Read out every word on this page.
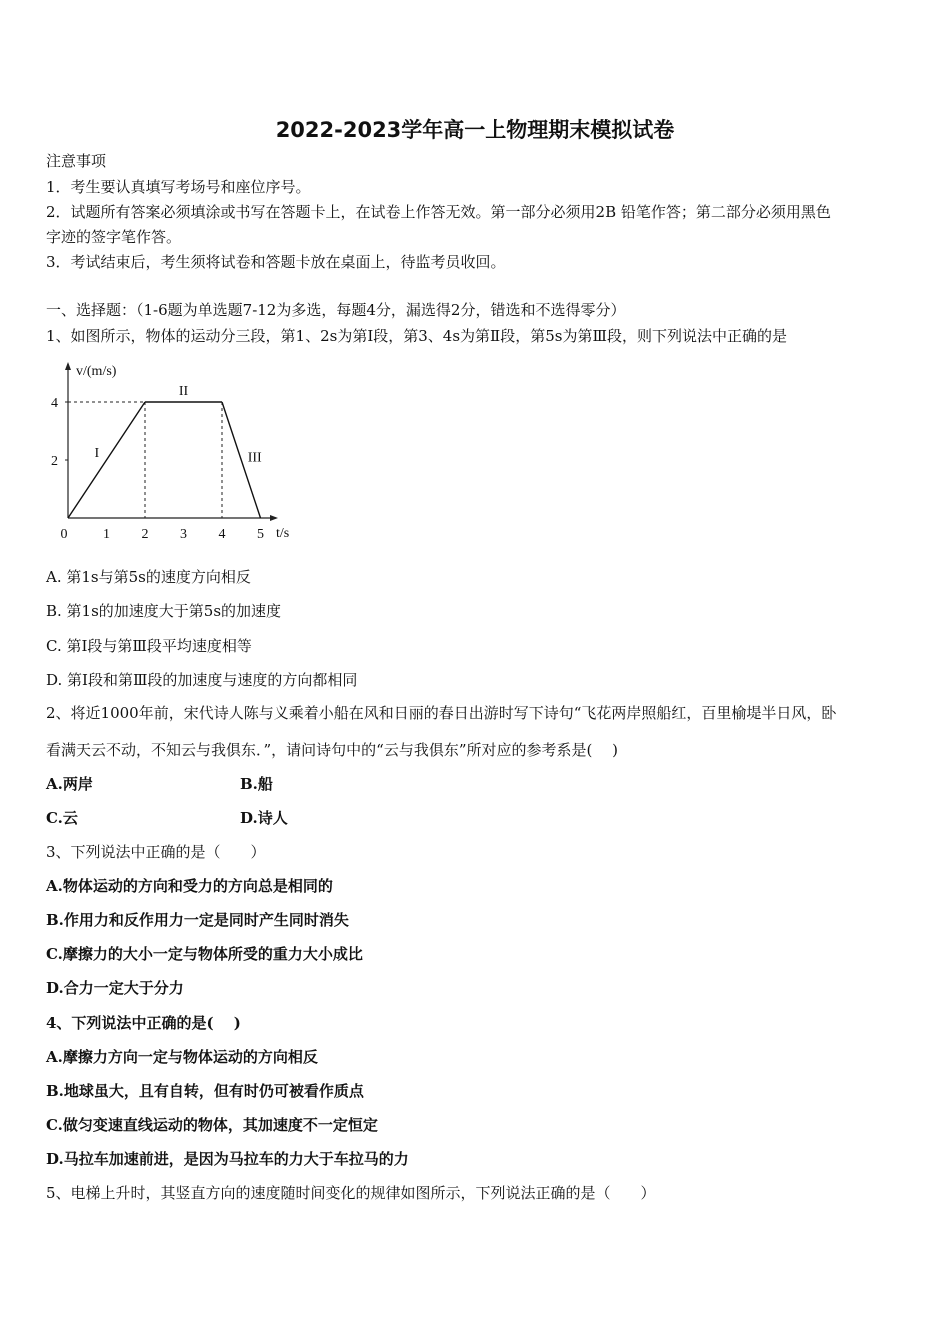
2022-2023学年高一上物理期末模拟试卷
注意事项
1．考生要认真填写考场号和座位序号。
2．试题所有答案必须填涂或书写在答题卡上，在试卷上作答无效。第一部分必须用2B 铅笔作答；第二部分必须用黑色
字迹的签字笔作答。
3．考试结束后，考生须将试卷和答题卡放在桌面上，待监考员收回。
一、选择题：（1-6题为单选题7-12为多选，每题4分，漏选得2分，错选和不选得零分）
1、如图所示，物体的运动分三段，第1、2s为第Ⅰ段，第3、4s为第Ⅱ段，第5s为第Ⅲ段，则下列说法中正确的是
0	1 2 3 4 5
2
4
I
II
III
v/(m/s)
t/s
A. 第1s与第5s的速度方向相反
B. 第1s的加速度大于第5s的加速度
C. 第Ⅰ段与第Ⅲ段平均速度相等
D. 第Ⅰ段和第Ⅲ段的加速度与速度的方向都相同
2、将近1000年前，宋代诗人陈与义乘着小船在风和日丽的春日出游时写下诗句“飞花两岸照船红，百里榆堤半日风，卧
看满天云不动，不知云与我俱东．”，请问诗句中的“云与我俱东”所对应的参考系是(　 )
A.两岸	B.船
C.云	D.诗人
3、下列说法中正确的是（　　）
A.物体运动的方向和受力的方向总是相同的
B.作用力和反作用力一定是同时产生同时消失
C.摩擦力的大小一定与物体所受的重力大小成比
D.合力一定大于分力
4、下列说法中正确的是(　 )
A.摩擦力方向一定与物体运动的方向相反
B.地球虽大，且有自转，但有时仍可被看作质点
C.做匀变速直线运动的物体，其加速度不一定恒定
D.马拉车加速前进，是因为马拉车的力大于车拉马的力
5、电梯上升时，其竖直方向的速度随时间变化的规律如图所示，下列说法正确的是（　　）
